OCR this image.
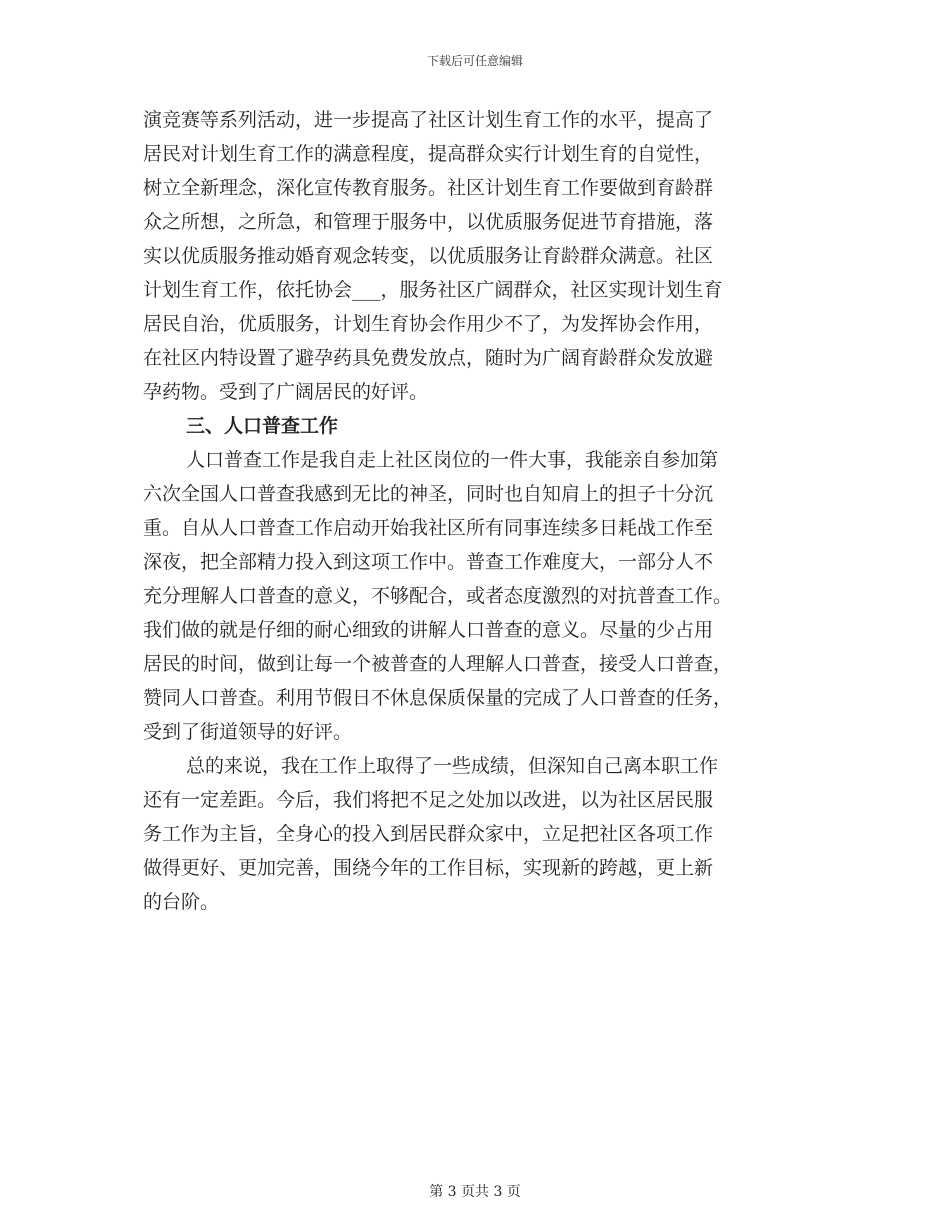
下载后可任意编辑
演竞赛等系列活动，进一步提高了社区计划生育工作的水平，提高了
居民对计划生育工作的满意程度，提高群众实行计划生育的自觉性，
树立全新理念，深化宣传教育服务。社区计划生育工作要做到育龄群
众之所想，之所急，和管理于服务中，以优质服务促进节育措施，落
实以优质服务推动婚育观念转变，以优质服务让育龄群众满意。社区
计划生育工作，依托协会___，服务社区广阔群众，社区实现计划生育
居民自治，优质服务，计划生育协会作用少不了，为发挥协会作用，
在社区内特设置了避孕药具免费发放点，随时为广阔育龄群众发放避
孕药物。受到了广阔居民的好评。
三、人口普查工作
人口普查工作是我自走上社区岗位的一件大事，我能亲自参加第
六次全国人口普查我感到无比的神圣，同时也自知肩上的担子十分沉
重。自从人口普查工作启动开始我社区所有同事连续多日耗战工作至
深夜，把全部精力投入到这项工作中。普查工作难度大，一部分人不
充分理解人口普查的意义，不够配合，或者态度激烈的对抗普查工作。
我们做的就是仔细的耐心细致的讲解人口普查的意义。尽量的少占用
居民的时间，做到让每一个被普查的人理解人口普查，接受人口普查，
赞同人口普查。利用节假日不休息保质保量的完成了人口普查的任务，
受到了街道领导的好评。
总的来说，我在工作上取得了一些成绩，但深知自己离本职工作
还有一定差距。今后，我们将把不足之处加以改进，以为社区居民服
务工作为主旨，全身心的投入到居民群众家中，立足把社区各项工作
做得更好、更加完善，围绕今年的工作目标，实现新的跨越，更上新
的台阶。
第 3 页共 3 页
